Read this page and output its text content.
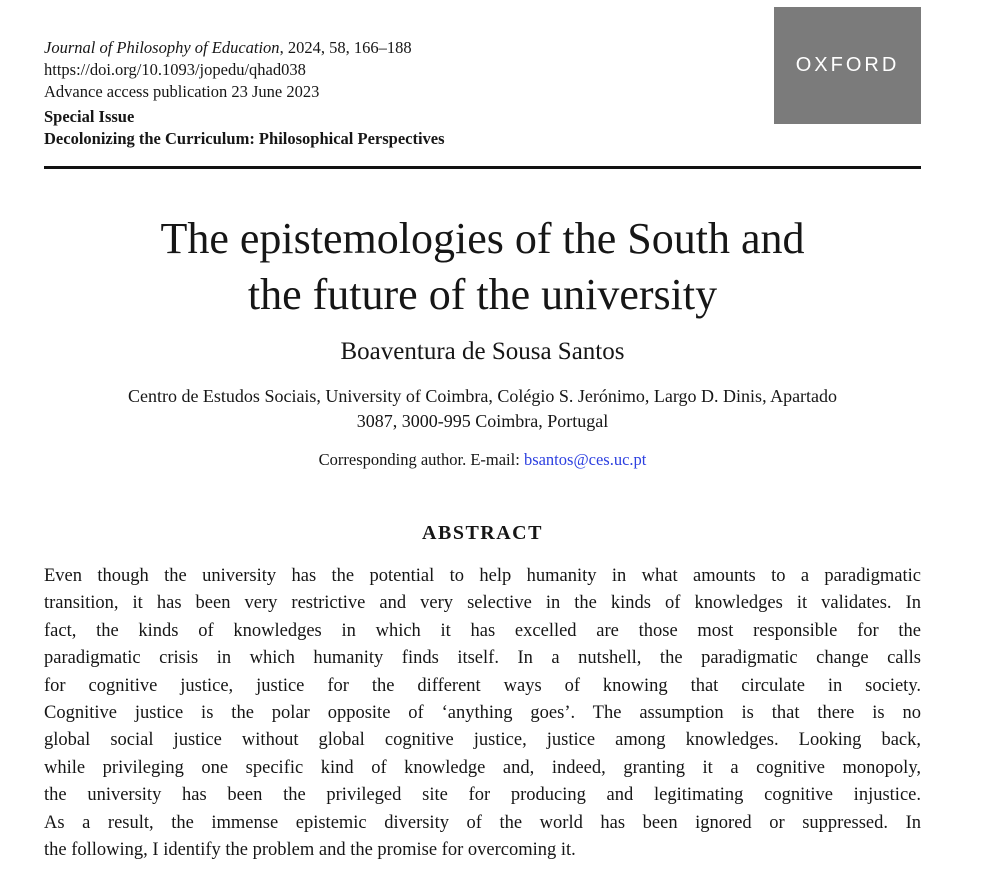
Journal of Philosophy of Education, 2024, 58, 166–188
https://doi.org/10.1093/jopedu/qhad038
Advance access publication 23 June 2023
Special Issue
Decolonizing the Curriculum: Philosophical Perspectives
OXFORD
The epistemologies of the South and
the future of the university
Boaventura de Sousa Santos
Centro de Estudos Sociais, University of Coimbra, Colégio S. Jerónimo, Largo D. Dinis, Apartado
3087, 3000-995 Coimbra, Portugal
Corresponding author. E-mail: bsantos@ces.uc.pt
ABSTRACT
Even though the university has the potential to help humanity in what amounts to a paradigmatic
transition, it has been very restrictive and very selective in the kinds of knowledges it validates. In
fact, the kinds of knowledges in which it has excelled are those most responsible for the
paradigmatic crisis in which humanity finds itself. In a nutshell, the paradigmatic change calls
for cognitive justice, justice for the different ways of knowing that circulate in society.
Cognitive justice is the polar opposite of ‘anything goes’. The assumption is that there is no
global social justice without global cognitive justice, justice among knowledges. Looking back,
while privileging one specific kind of knowledge and, indeed, granting it a cognitive monopoly,
the university has been the privileged site for producing and legitimating cognitive injustice.
As a result, the immense epistemic diversity of the world has been ignored or suppressed. In
the following, I identify the problem and the promise for overcoming it.
